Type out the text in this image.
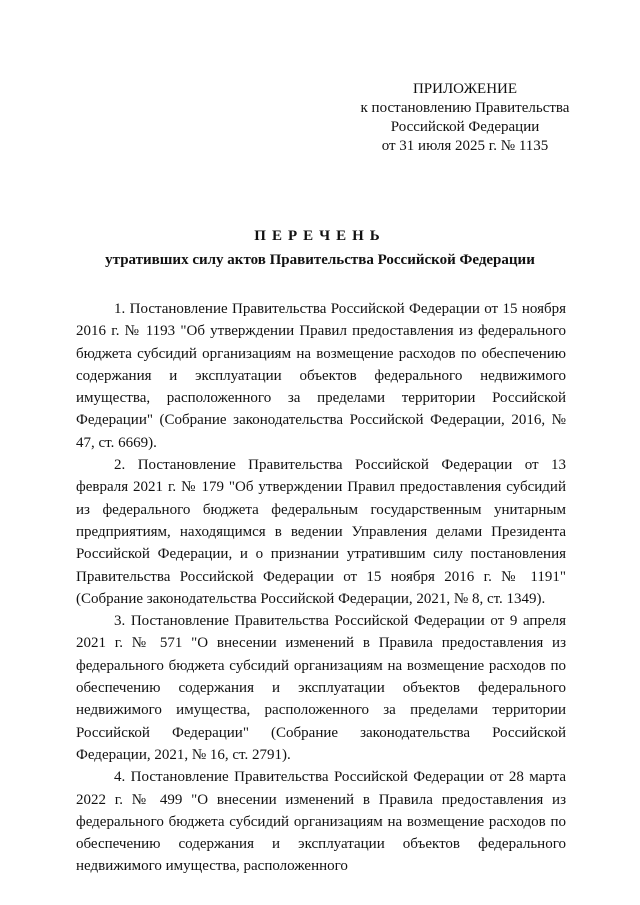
ПРИЛОЖЕНИЕ
к постановлению Правительства
Российской Федерации
от 31 июля 2025 г. № 1135
ПЕРЕЧЕНЬ
утративших силу актов Правительства Российской Федерации

1. Постановление Правительства Российской Федерации от 15 ноября 2016 г. № 1193 "Об утверждении Правил предоставления из федерального бюджета субсидий организациям на возмещение расходов по обеспечению содержания и эксплуатации объектов федерального недвижимого имущества, расположенного за пределами территории Российской Федерации" (Собрание законодательства Российской Федерации, 2016, № 47, ст. 6669).

2. Постановление Правительства Российской Федерации от 13 февраля 2021 г. № 179 "Об утверждении Правил предоставления субсидий из федерального бюджета федеральным государственным унитарным предприятиям, находящимся в ведении Управления делами Президента Российской Федерации, и о признании утратившим силу постановления Правительства Российской Федерации от 15 ноября 2016 г. № 1191" (Собрание законодательства Российской Федерации, 2021, № 8, ст. 1349).

3. Постановление Правительства Российской Федерации от 9 апреля 2021 г. № 571 "О внесении изменений в Правила предоставления из федерального бюджета субсидий организациям на возмещение расходов по обеспечению содержания и эксплуатации объектов федерального недвижимого имущества, расположенного за пределами территории Российской Федерации" (Собрание законодательства Российской Федерации, 2021, № 16, ст. 2791).

4. Постановление Правительства Российской Федерации от 28 марта 2022 г. № 499 "О внесении изменений в Правила предоставления из федерального бюджета субсидий организациям на возмещение расходов по обеспечению содержания и эксплуатации объектов федерального недвижимого имущества, расположенного
